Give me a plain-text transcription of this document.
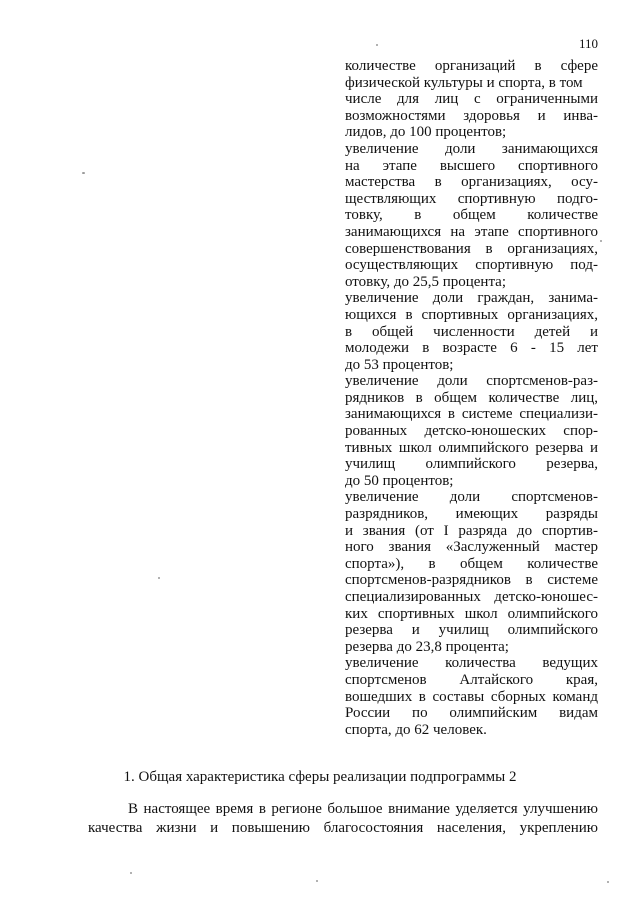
110
количестве организаций в сфере
физической культуры и спорта, в том
числе для лиц с ограниченными
возможностями здоровья и инва-
лидов, до 100 процентов;
увеличение доли занимающихся
на этапе высшего спортивного
мастерства в организациях, осу-
ществляющих спортивную подго-
товку, в общем количестве
занимающихся на этапе спортивного
совершенствования в организациях,
осуществляющих спортивную под-
отовку, до 25,5 процента;
увеличение доли граждан, занима-
ющихся в спортивных организациях,
в общей численности детей и
молодежи в возрасте 6 - 15 лет
до 53 процентов;
увеличение доли спортсменов-раз-
рядников в общем количестве лиц,
занимающихся в системе специализи-
рованных детско-юношеских спор-
тивных школ олимпийского резерва и
училищ олимпийского резерва,
до 50 процентов;
увеличение доли спортсменов-
разрядников, имеющих разряды
и звания (от I разряда до спортив-
ного звания «Заслуженный мастер
спорта»), в общем количестве
спортсменов-разрядников в системе
специализированных детско-юношес-
ких спортивных школ олимпийского
резерва и училищ олимпийского
резерва до 23,8 процента;
увеличение количества ведущих
спортсменов Алтайского края,
вошедших в составы сборных команд
России по олимпийским видам
спорта, до 62 человек.
1. Общая характеристика сферы реализации подпрограммы 2
В настоящее время в регионе большое внимание уделяется улучшению
качества жизни и повышению благосостояния населения, укреплению
